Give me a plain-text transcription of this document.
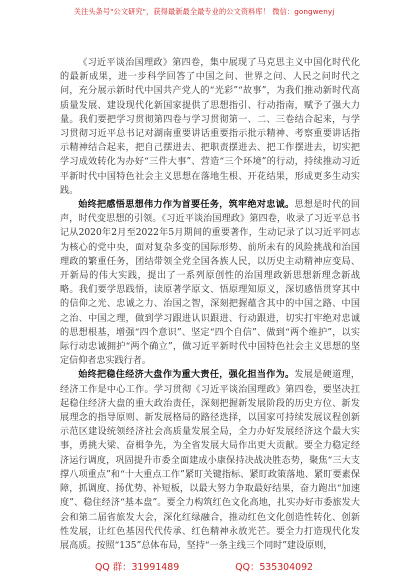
关注头条号"公文研究"，获得最新最全最专业的公文资料库！ 微信：gongwenyj

《习近平谈治国理政》第四卷，集中展现了马克思主义中国化时代化的最新成果，进一步科学回答了中国之问、世界之问、人民之问时代之问，充分展示新时代中国共产党人的“光彩”“故事”，为我们推动新时代高质量发展、建设现代化新国家提供了思想指引、行动指南，赋予了强大力量。我们要把学习贯彻第四卷与学习贯彻第一、二、三卷结合起来，与学习贯彻习近平总书记对湖南重要讲话重要指示批示精神、考察重要讲话指示精神结合起来，把自己摆进去、把职责摆进去、把工作摆进去，切实把学习成效转化为办好“三件大事”、营造“三个环境”的行动，持续推动习近平新时代中国特色社会主义思想在落地生根、开花结果，形成更多生动实践。

始终把感悟思想伟力作为首要任务，筑牢绝对忠诚。思想是时代的回声，时代变思想的引领。《习近平谈治国理政》第四卷，收录了习近平总书记从2020年2月至2022年5月期间的重要著作，生动记录了以习近平同志为核心的党中央，面对复杂多变的国际形势、前所未有的风险挑战和治国理政的繁重任务，团结带领全党全国各族人民，以历史主动精神应变局、开新局的伟大实践，提出了一系列原创性的治国理政新思想新理念新战略。我们要学思践悟，读原著学原文、悟原理知原义，深切感悟贯穿其中的信仰之光、忠诚之力、治国之智，深刻把握蕴含其中的中国之路、中国之治、中国之理，做到学习跟进认识跟进、行动跟进，切实打牢绝对忠诚的思想根基，增强“四个意识”、坚定“四个自信”、做到“两个维护”，以实际行动忠诚拥护“两个确立”，做习近平新时代中国特色社会主义思想的坚定信仰者忠实践行者。

始终把稳住经济大盘作为重大责任，强化担当作为。发展是硬道理，经济工作是中心工作。学习贯彻《习近平谈治国理政》第四卷，要坚决扛起稳住经济大盘的重大政治责任，深刻把握新发展阶段的历史方位、新发展理念的指导原则、新发展格局的路径选择，以国家可持续发展议程创新示范区建设统领经济社会高质量发展全局，全力办好发展经济这个最大实事，勇挑大梁、奋楫争先，为全省发展大局作出更大贡献。要全力稳定经济运行调度，巩固提升市委全面建成小康保持决战决胜态势，聚焦“三大支撑八项重点”和“十大重点工作”紧盯关键指标、紧盯政策落地、紧盯要素保障，抓调度、扬优势、补短板，以最大努力争取最好结果，奋力跑出“加速度”、稳住经济“基本盘”。要全力构筑红色文化高地，扎实办好市委旅发大会和第二届省旅发大会，深化红绿融合，推动红色文化创造性转化、创新性发展，让红色基因代代传承、红色精神永放光芒。要全力打造现代化发展高质。按照“135”总体布局，坚持“一条主线三个同时”建设原则，

QQ 群：31991489	QQ：535304092
